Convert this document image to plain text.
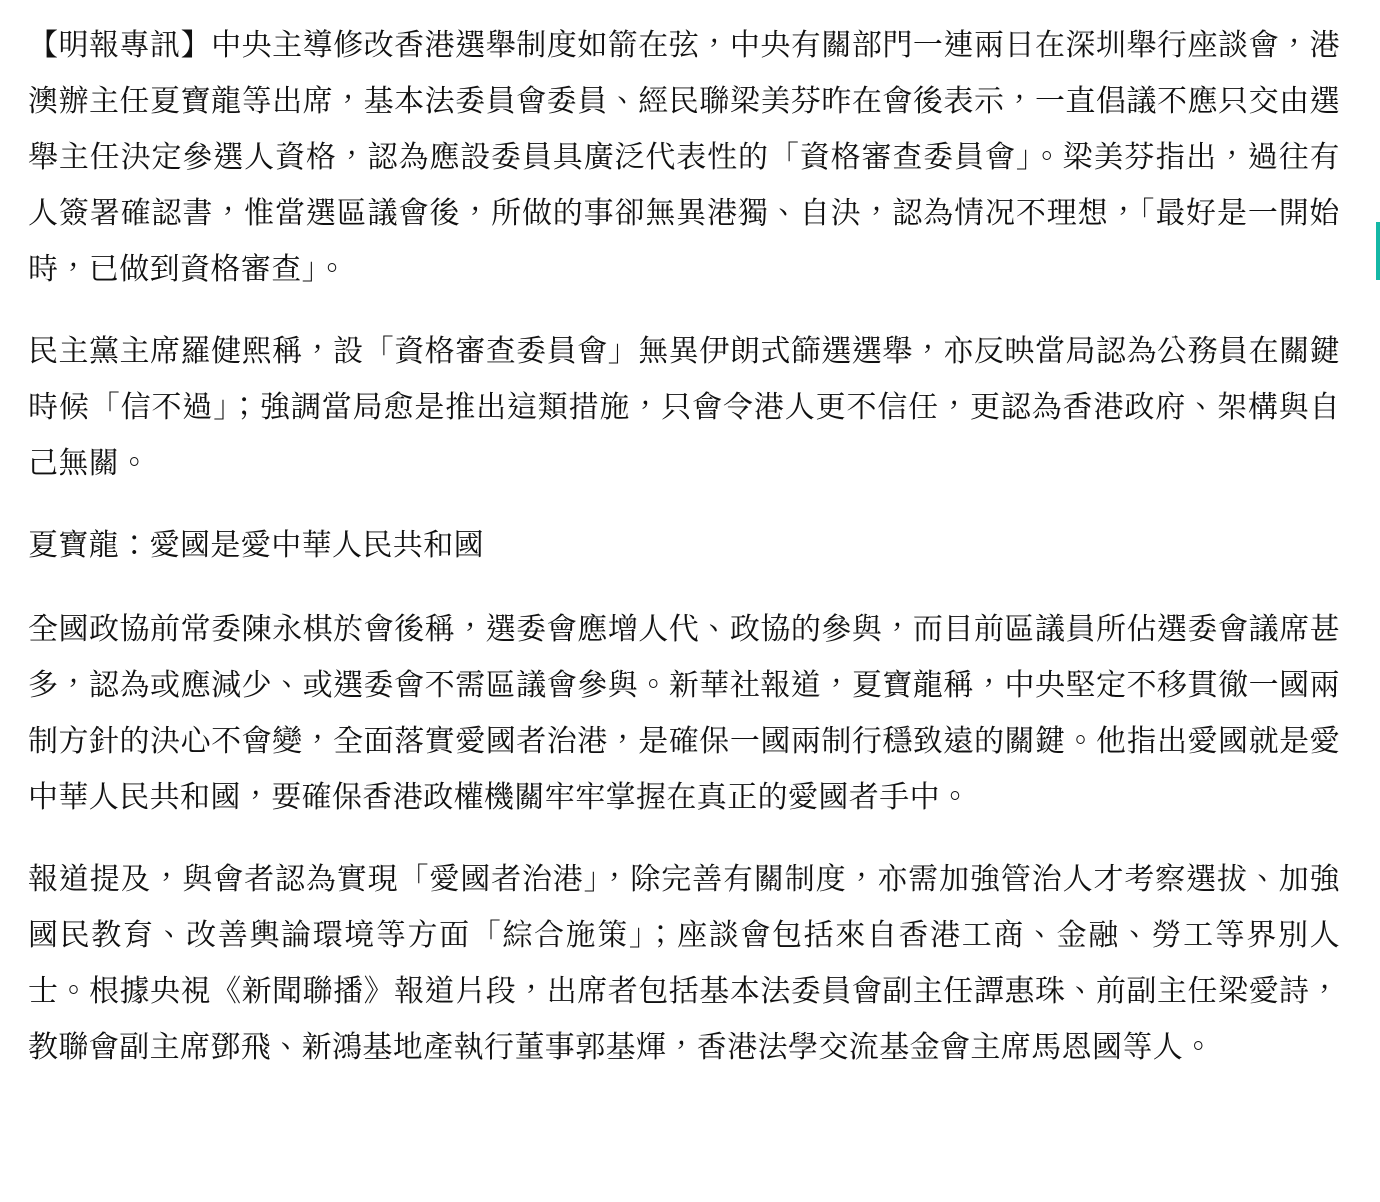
【明報專訊】中央主導修改香港選舉制度如箭在弦，中央有關部門一連兩日在深圳舉行座談會，港澳辦主任夏寶龍等出席，基本法委員會委員、經民聯梁美芬昨在會後表示，一直倡議不應只交由選舉主任決定參選人資格，認為應設委員具廣泛代表性的「資格審查委員會」。梁美芬指出，過往有人簽署確認書，惟當選區議會後，所做的事卻無異港獨、自決，認為情况不理想，「最好是一開始時，已做到資格審查」。

民主黨主席羅健熙稱，設「資格審查委員會」無異伊朗式篩選選舉，亦反映當局認為公務員在關鍵時候「信不過」；強調當局愈是推出這類措施，只會令港人更不信任，更認為香港政府、架構與自己無關。

夏寶龍：愛國是愛中華人民共和國

全國政協前常委陳永棋於會後稱，選委會應增人代、政協的參與，而目前區議員所佔選委會議席甚多，認為或應減少、或選委會不需區議會參與。新華社報道，夏寶龍稱，中央堅定不移貫徹一國兩制方針的決心不會變，全面落實愛國者治港，是確保一國兩制行穩致遠的關鍵。他指出愛國就是愛中華人民共和國，要確保香港政權機關牢牢掌握在真正的愛國者手中。

報道提及，與會者認為實現「愛國者治港」，除完善有關制度，亦需加強管治人才考察選拔、加強國民教育、改善輿論環境等方面「綜合施策」；座談會包括來自香港工商、金融、勞工等界別人士。根據央視《新聞聯播》報道片段，出席者包括基本法委員會副主任譚惠珠、前副主任梁愛詩，教聯會副主席鄧飛、新鴻基地產執行董事郭基煇，香港法學交流基金會主席馬恩國等人。
